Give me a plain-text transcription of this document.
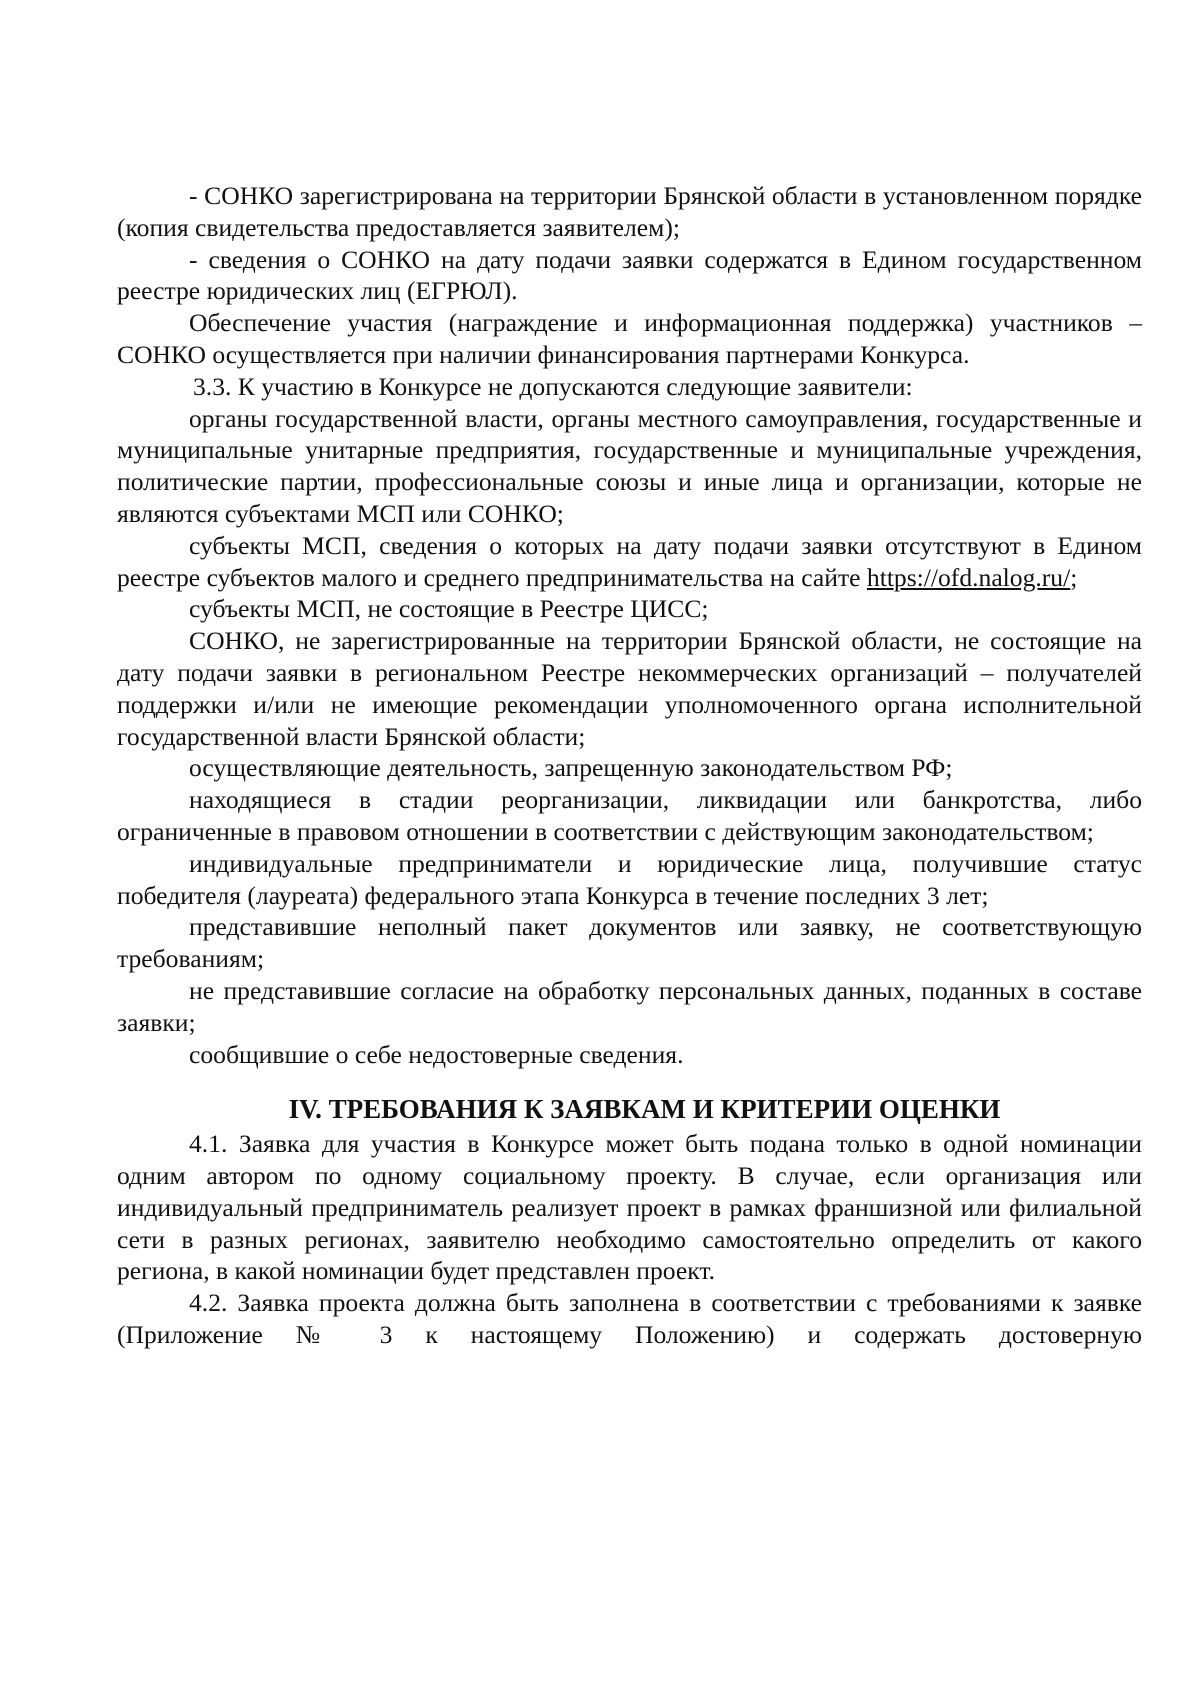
- СОНКО зарегистрирована на территории Брянской области в установленном порядке (копия свидетельства предоставляется заявителем);

- сведения о СОНКО на дату подачи заявки содержатся в Едином государственном реестре юридических лиц (ЕГРЮЛ).

Обеспечение участия (награждение и информационная поддержка) участников – СОНКО осуществляется при наличии финансирования партнерами Конкурса.

3.3. К участию в Конкурсе не допускаются следующие заявители:

органы государственной власти, органы местного самоуправления, государственные и муниципальные унитарные предприятия, государственные и муниципальные учреждения, политические партии, профессиональные союзы и иные лица и организации, которые не являются субъектами МСП или СОНКО;

субъекты МСП, сведения о которых на дату подачи заявки отсутствуют в Едином реестре субъектов малого и среднего предпринимательства на сайте https://ofd.nalog.ru/;

субъекты МСП, не состоящие в Реестре ЦИСС;

СОНКО, не зарегистрированные на территории Брянской области, не состоящие на дату подачи заявки в региональном Реестре некоммерческих организаций – получателей поддержки и/или не имеющие рекомендации уполномоченного органа исполнительной государственной власти Брянской области;

осуществляющие деятельность, запрещенную законодательством РФ;

находящиеся в стадии реорганизации, ликвидации или банкротства, либо ограниченные в правовом отношении в соответствии с действующим законодательством;

индивидуальные предприниматели и юридические лица, получившие статус победителя (лауреата) федерального этапа Конкурса в течение последних 3 лет;

представившие неполный пакет документов или заявку, не соответствующую требованиям;

не представившие согласие на обработку персональных данных, поданных в составе заявки;

сообщившие о себе недостоверные сведения.

IV. ТРЕБОВАНИЯ К ЗАЯВКАМ И КРИТЕРИИ ОЦЕНКИ

4.1. Заявка для участия в Конкурсе может быть подана только в одной номинации одним автором по одному социальному проекту. В случае, если организация или индивидуальный предприниматель реализует проект в рамках франшизной или филиальной сети в разных регионах, заявителю необходимо самостоятельно определить от какого региона, в какой номинации будет представлен проект.

4.2. Заявка проекта должна быть заполнена в соответствии с требованиями к заявке (Приложение № 3 к настоящему Положению) и содержать достоверную
